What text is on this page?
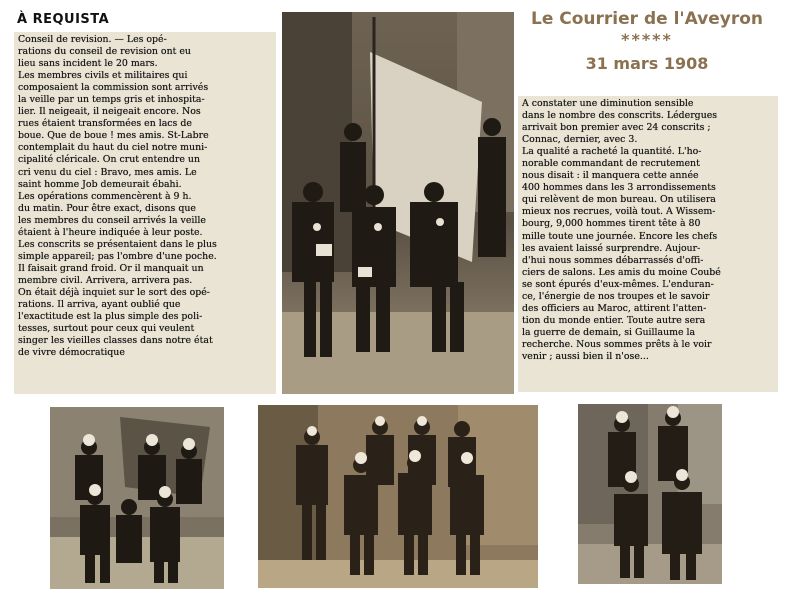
À REQUISTA	Le Courrier de l'Aveyron
*****
31 mars 1908

Conseil de revision. — Les opé-

rations du conseil de revision ont eu

lieu sans incident le 20 mars.

Les membres civils et militaires qui

composaient la commission sont arrivés

la veille par un temps gris et inhospita-

lier. Il neigeait, il neigeait encore. Nos

rues étaient transformées en lacs de

boue. Que de boue ! mes amis. St-Labre

contemplait du haut du ciel notre muni-

cipalité cléricale. On crut entendre un

cri venu du ciel : Bravo, mes amis. Le

saint homme Job demeurait ébahi.

Les opérations commencèrent à 9 h.

du matin. Pour être exact, disons que

les membres du conseil arrivés la veille

étaient à l'heure indiquée à leur poste.

Les conscrits se présentaient dans le plus

simple appareil; pas l'ombre d'une poche.

Il faisait grand froid. Or il manquait un

membre civil. Arrivera, arrivera pas.

On était déjà inquiet sur le sort des opé-

rations. Il arriva, ayant oublié que

l'exactitude est la plus simple des poli-

tesses, surtout pour ceux qui veulent

singer les vieilles classes dans notre état

de vivre démocratique

A constater une diminution sensible

dans le nombre des conscrits. Lédergues

arrivait bon premier avec 24 conscrits ;

Connac, dernier, avec 3.

La qualité a racheté la quantité. L'ho-

norable commandant de recrutement

nous disait : il manquera cette année

400 hommes dans les 3 arrondissements

qui relèvent de mon bureau. On utilisera

mieux nos recrues, voilà tout. A Wissem-

bourg, 9,000 hommes tirent tête à 80

mille toute une journée. Encore les chefs

les avaient laissé surprendre. Aujour-

d'hui nous sommes débarrassés d'offi-

ciers de salons. Les amis du moine Coubé

se sont épurés d'eux-mêmes. L'enduran-

ce, l'énergie de nos troupes et le savoir

des officiers au Maroc, attirent l'atten-

tion du monde entier. Toute autre sera

la guerre de demain, si Guillaume la

recherche. Nous sommes prêts à le voir

venir ; aussi bien il n'ose...
